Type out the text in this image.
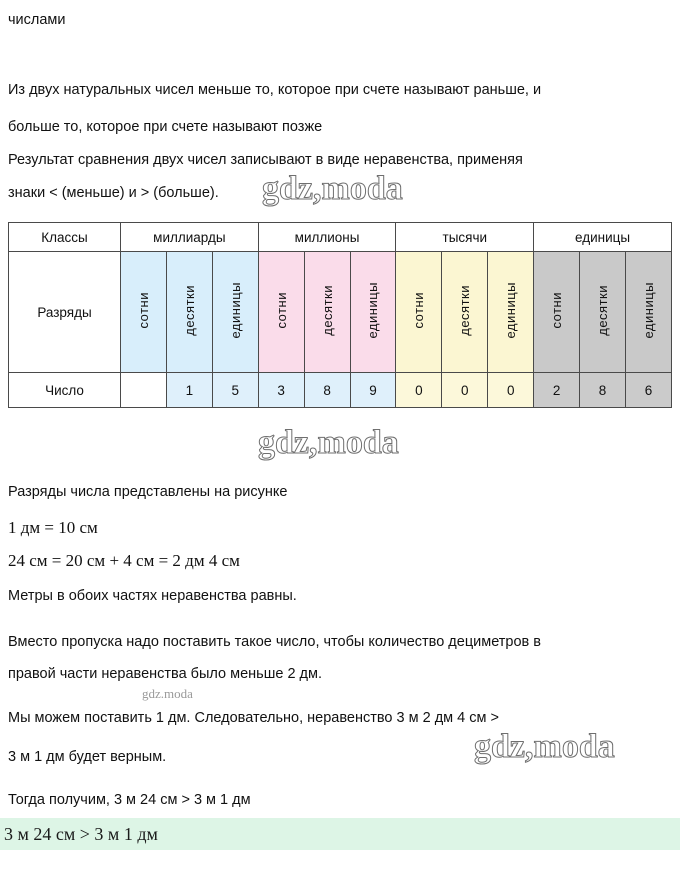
числами
Из двух натуральных чисел меньше то, которое при счете называют раньше, и
больше то, которое при счете называют позже
Результат сравнения двух чисел записывают в виде неравенства, применяя
знаки < (меньше) и > (больше).	gdz,moda
Классы	миллиарды			миллионы			тысячи			единицы		
Разряды	сотни	десятки	единицы	сотни	десятки	единицы	сотни	десятки	единицы	сотни	десятки	единицы
Число		1	5	3	8	9	0	0	0	2	8	6
gdz,moda
Разряды числа представлены на рисунке
1 дм = 10 см
24 см = 20 см + 4 см = 2 дм 4 см
Метры в обоих частях неравенства равны.
Вместо пропуска надо поставить такое число, чтобы количество дециметров в
правой части неравенства было меньше 2 дм.
gdz.moda
Мы можем поставить 1 дм. Следовательно, неравенство 3 м 2 дм 4 см >
3 м 1 дм будет верным.
Тогда получим, 3 м 24 см > 3 м 1 дм
gdz,moda
3 м 24 см > 3 м 1 дм
